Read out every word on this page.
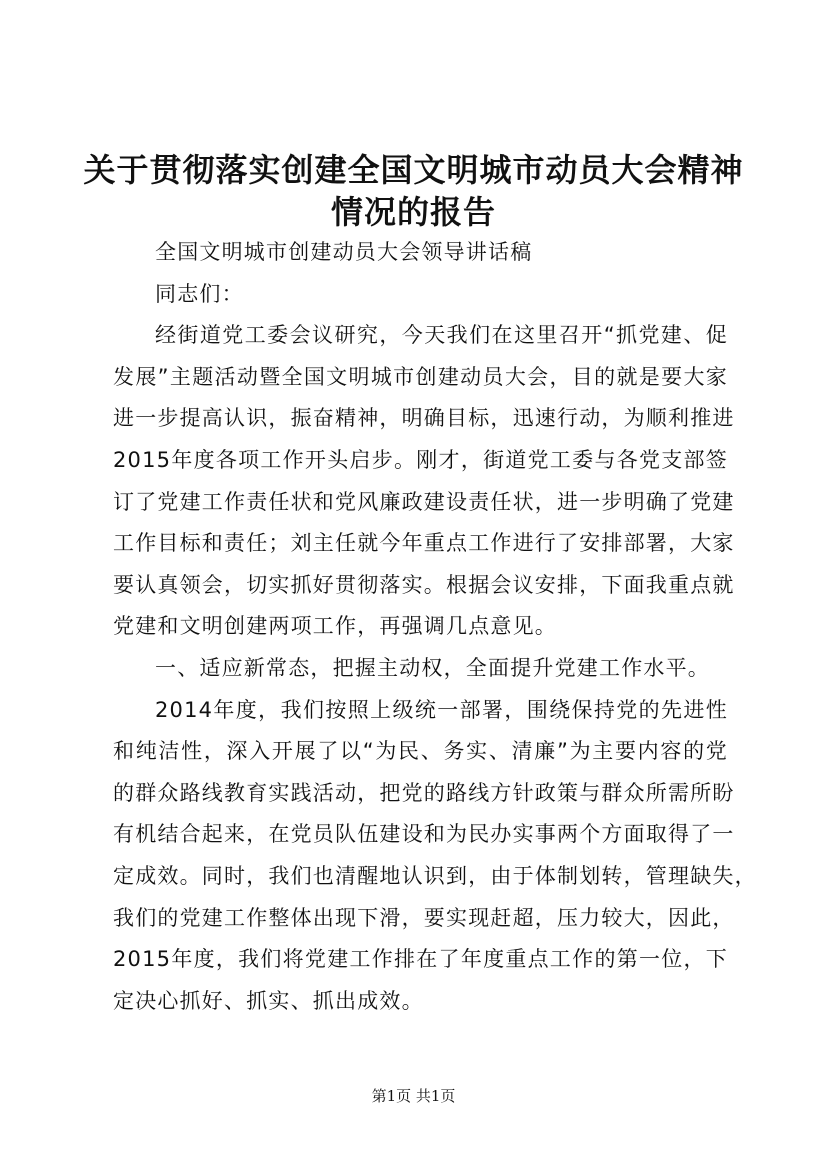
关于贯彻落实创建全国文明城市动员大会精神
情况的报告
全国文明城市创建动员大会领导讲话稿
同志们：
经街道党工委会议研究，今天我们在这里召开“抓党建、促
发展”主题活动暨全国文明城市创建动员大会，目的就是要大家
进一步提高认识，振奋精神，明确目标，迅速行动，为顺利推进
2015年度各项工作开头启步。刚才，街道党工委与各党支部签
订了党建工作责任状和党风廉政建设责任状，进一步明确了党建
工作目标和责任；刘主任就今年重点工作进行了安排部署，大家
要认真领会，切实抓好贯彻落实。根据会议安排，下面我重点就
党建和文明创建两项工作，再强调几点意见。
一、适应新常态，把握主动权，全面提升党建工作水平。
2014年度，我们按照上级统一部署，围绕保持党的先进性
和纯洁性，深入开展了以“为民、务实、清廉”为主要内容的党
的群众路线教育实践活动，把党的路线方针政策与群众所需所盼
有机结合起来，在党员队伍建设和为民办实事两个方面取得了一
定成效。同时，我们也清醒地认识到，由于体制划转，管理缺失，
我们的党建工作整体出现下滑，要实现赶超，压力较大，因此，
2015年度，我们将党建工作排在了年度重点工作的第一位，下
定决心抓好、抓实、抓出成效。
第1页 共1页
